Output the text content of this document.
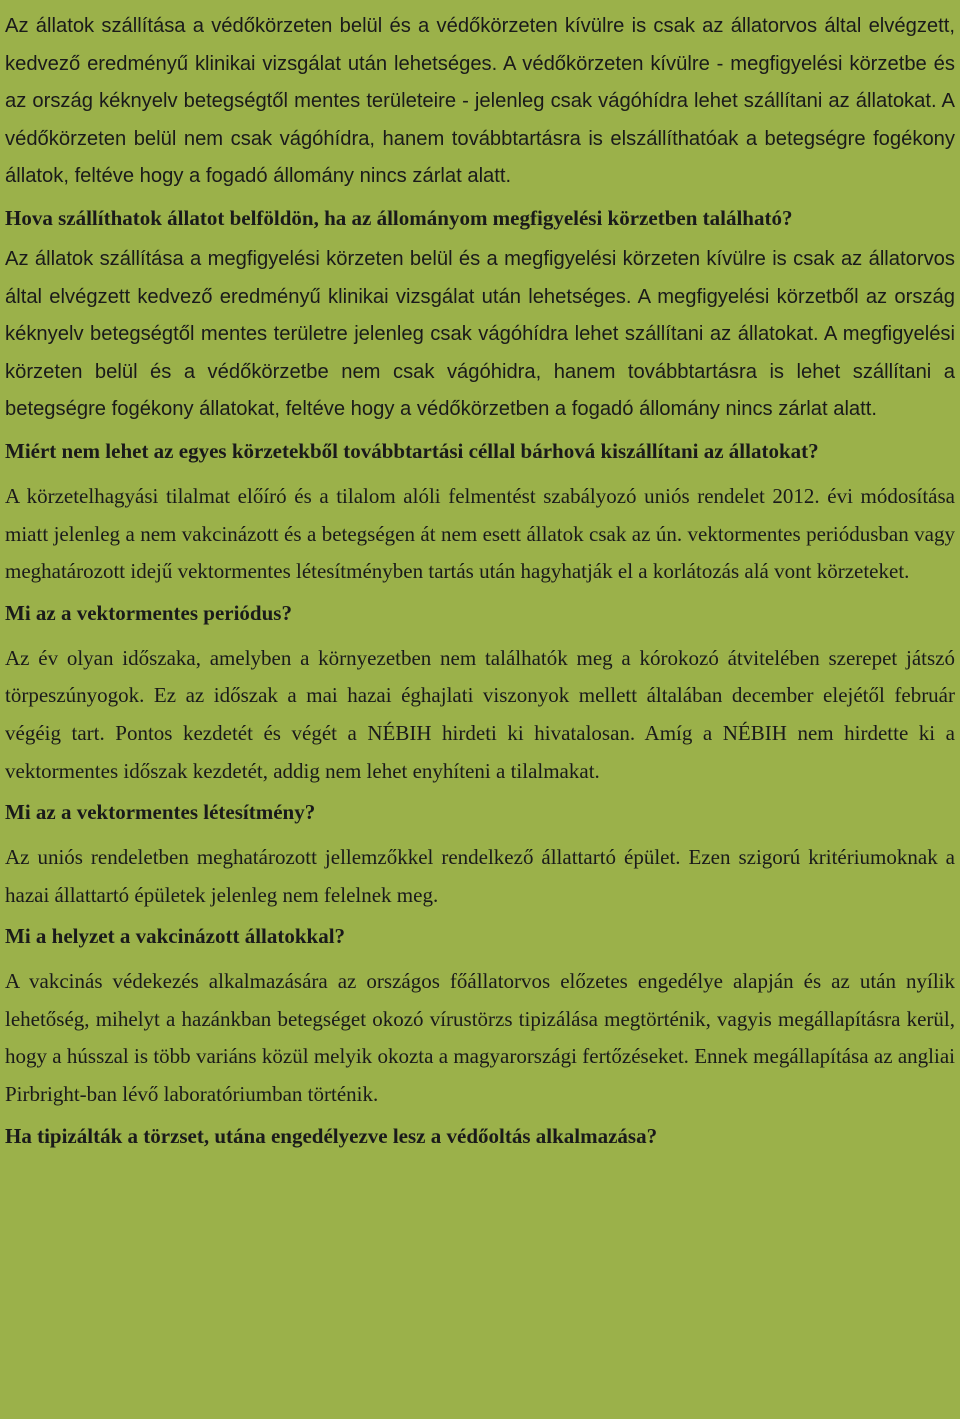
Az állatok szállítása a védőkörzeten belül és a védőkörzeten kívülre is csak az állatorvos által elvégzett, kedvező eredményű klinikai vizsgálat után lehetséges. A védőkörzeten kívülre - megfigyelési körzetbe és az ország kéknyelv betegségtől mentes területeire - jelenleg csak vágóhídra lehet szállítani az állatokat. A védőkörzeten belül nem csak vágóhídra, hanem továbbtartásra is elszállíthatóak a betegségre fogékony állatok, feltéve hogy a fogadó állomány nincs zárlat alatt.

Hova szállíthatok állatot belföldön, ha az állományom megfigyelési körzetben található?

Az állatok szállítása a megfigyelési körzeten belül és a megfigyelési körzeten kívülre is csak az állatorvos által elvégzett kedvező eredményű klinikai vizsgálat után lehetséges. A megfigyelési körzetből az ország kéknyelv betegségtől mentes területre jelenleg csak vágóhídra lehet szállítani az állatokat. A megfigyelési körzeten belül és a védőkörzetbe nem csak vágóhidra, hanem továbbtartásra is lehet szállítani a betegségre fogékony állatokat, feltéve hogy a védőkörzetben a fogadó állomány nincs zárlat alatt.

Miért nem lehet az egyes körzetekből továbbtartási céllal bárhová kiszállítani az állatokat?

A körzetelhagyási tilalmat előíró és a tilalom alóli felmentést szabályozó uniós rendelet 2012. évi módosítása miatt jelenleg a nem vakcinázott és a betegségen át nem esett állatok csak az ún. vektormentes periódusban vagy meghatározott idejű vektormentes létesítményben tartás után hagyhatják el a korlátozás alá vont körzeteket.

Mi az a vektormentes periódus?

Az év olyan időszaka, amelyben a környezetben nem találhatók meg a kórokozó átvitelében szerepet játszó törpeszúnyogok. Ez az időszak a mai hazai éghajlati viszonyok mellett általában december elejétől február végéig tart. Pontos kezdetét és végét a NÉBIH hirdeti ki hivatalosan. Amíg a NÉBIH nem hirdette ki a vektormentes időszak kezdetét, addig nem lehet enyhíteni a tilalmakat.

Mi az a vektormentes létesítmény?

Az uniós rendeletben meghatározott jellemzőkkel rendelkező állattartó épület. Ezen szigorú kritériumoknak a hazai állattartó épületek jelenleg nem felelnek meg.

Mi a helyzet a vakcinázott állatokkal?

A vakcinás védekezés alkalmazására az országos főállatorvos előzetes engedélye alapján és az után nyílik lehetőség, mihelyt a hazánkban betegséget okozó vírustörzs tipizálása megtörténik, vagyis megállapításra kerül, hogy a hússzal is több variáns közül melyik okozta a magyarországi fertőzéseket. Ennek megállapítása az angliai Pirbright-ban lévő laboratóriumban történik.

Ha tipizálták a törzset, utána engedélyezve lesz a védőoltás alkalmazása?
